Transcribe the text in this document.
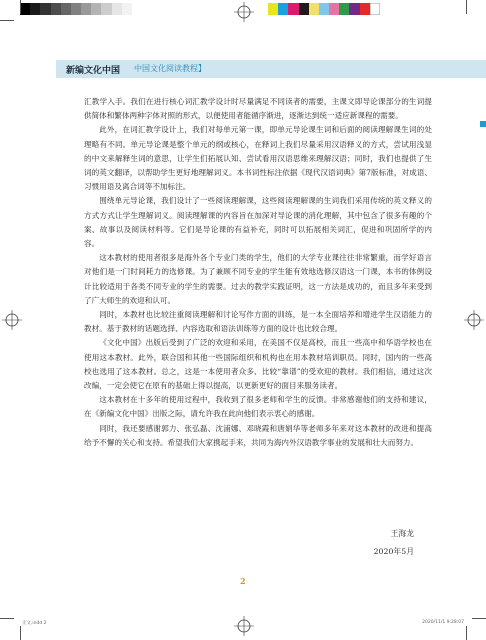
新编文化中国 中国文化阅读教程】

汇教学入手。我们在进行核心词汇教学设计时尽量满足不同读者的需要，主课文即导论课部分的生词提供简体和繁体两种字体对照的形式，以便使用者能循序渐进，逐渐达到统一适应新课程的需要。

此外，在词汇教学设计上，我们对每单元第一课，即单元导论课生词和后面的阅读理解课生词的处理略有不同。单元导论课是整个单元的纲或核心，在释词上我们尽量采用汉语释义的方式，尝试用浅显的中文来解释生词的意思，让学生们拓展认知、尝试看用汉语思维来理解汉语；同时，我们也提供了生词的英文翻译，以帮助学生更好地理解词义。本书词性标注依据《现代汉语词典》第7版标准，对成语、习惯用语及离合词等不加标注。

围绕单元导论课，我们设计了一些阅读理解课，这些阅读理解课的生词我们采用传统的英文释义的方式方式让学生理解词义。阅读理解课的内容旨在加深对导论课的消化理解，其中包含了很多有趣的个案、故事以及阅读材料等。它们是导论课的有益补充，同时可以拓展相关词汇，促进和巩固所学的内容。

这本教材的使用者很多是海外各个专业门类的学生，他们的大学专业课往往非常繁重，而学好语言对他们是一门时间耗力的选修课。为了兼顾不同专业的学生能有效地选修汉语这一门课，本书的体例设计比较适用于各类不同专业的学生的需要。过去的教学实践证明，这一方法是成功的，而且多年来受到了广大师生的欢迎和认可。

同时，本教材也比较注重阅读理解和讨论写作方面的训练，是一本全面培养和增进学生汉语能力的教材。基于教材的话题选择、内容选取和语法训练等方面的设计也比较合理。

《文化中国》出版后受到了广泛的欢迎和采用，在美国不仅是高校，而且一些高中和华语学校也在使用这本教材。此外，联合国和其他一些国际组织和机构也在用本教材培训职员。同时，国内的一些高校也选用了这本教材。总之，这是一本使用者众多、比较“靠谱”的受欢迎的教材。我们相信，通过这次改编，一定会使它在原有的基础上得以提高，以更新更好的面目来服务读者。

这本教材在十多年的使用过程中，我收到了很多老师和学生的反馈。非常感谢他们的支持和建议，在《新编文化中国》出版之际，请允许我在此向他们表示衷心的感谢。

同时，我还要感谢郭力、张弘磊、沈浦娜、邓晓霞和唐娟华等老师多年来对这本教材的改进和提高给予不懈的关心和支持。希望我们大家携起手来，共同为海内外汉语教学事业的发展和壮大而努力。

王海龙
2020年5月
2
正文.indd 2	2020/11/1 9:28:07
